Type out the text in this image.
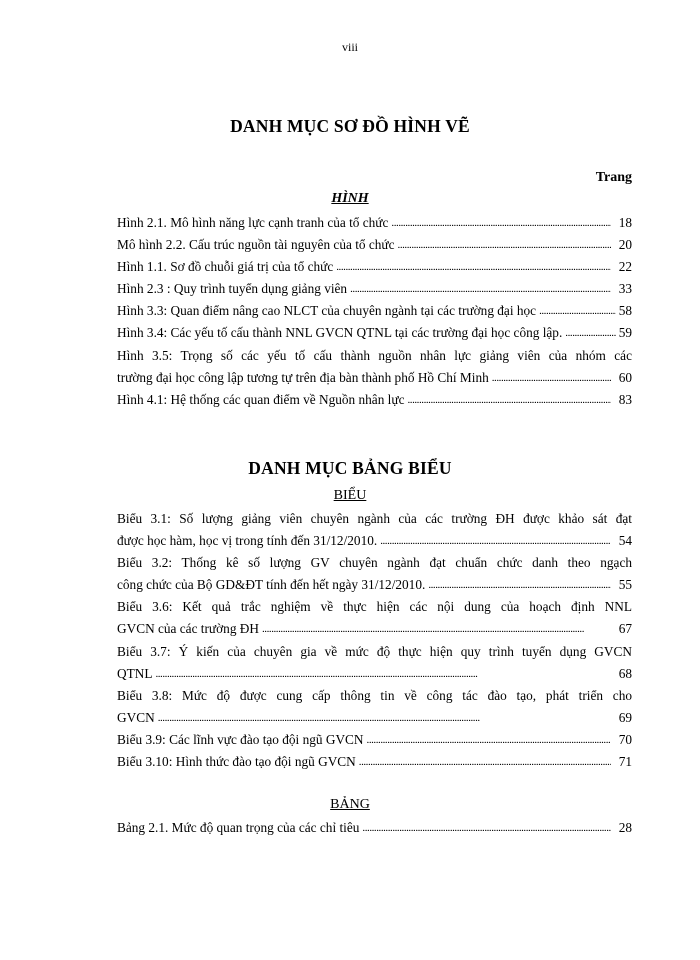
viii
DANH MỤC SƠ ĐỒ HÌNH VẼ
Trang
HÌNH
Hình 2.1. Mô hình năng lực cạnh tranh của tổ chức . . .	18
Mô hình 2.2. Cấu trúc nguồn tài nguyên của tổ chức . . .	20
Hình 1.1. Sơ đồ chuỗi giá trị của tổ chức . . .	22
Hình 2.3 : Quy trình tuyển dụng giảng viên . . .	33
Hình 3.3: Quan điểm nâng cao NLCT của chuyên ngành tại các trường đại học . . .	58
Hình 3.4: Các yếu tố cấu thành NNL GVCN QTNL tại các trường đại học công lập. . . .	59
Hình 3.5: Trọng số các yếu tố cấu thành nguồn nhân lực giảng viên của nhóm các
trường đại học công lập tương tự trên địa bàn thành phố Hồ Chí Minh . . .	60
Hình 4.1: Hệ thống các quan điểm về Nguồn nhân lực . . .	83
DANH MỤC BẢNG BIỂU
BIỂU
Biểu 3.1: Số lượng giảng viên chuyên ngành của các trường ĐH được khảo sát đạt
được học hàm, học vị trong tính đến 31/12/2010. . . .	54
Biểu 3.2: Thống kê số lượng GV chuyên ngành đạt chuẩn chức danh theo ngạch
công chức của Bộ GD&ĐT tính đến hết ngày 31/12/2010. . . .	55
Biểu 3.6: Kết quả trắc nghiệm về thực hiện các nội dung của hoạch định NNL
GVCN của các trường ĐH . . .	67
Biểu 3.7: Ý kiến của chuyên gia về mức độ thực hiện quy trình tuyển dụng GVCN
QTNL . . .	68
Biểu 3.8: Mức độ được cung cấp thông tin về công tác đào tạo, phát triển cho
GVCN . . .	69
Biểu 3.9: Các lĩnh vực đào tạo đội ngũ GVCN . . .	70
Biểu 3.10: Hình thức đào tạo đội ngũ GVCN . . .	71
BẢNG
Bảng 2.1. Mức độ quan trọng của các chỉ tiêu . . .	28
